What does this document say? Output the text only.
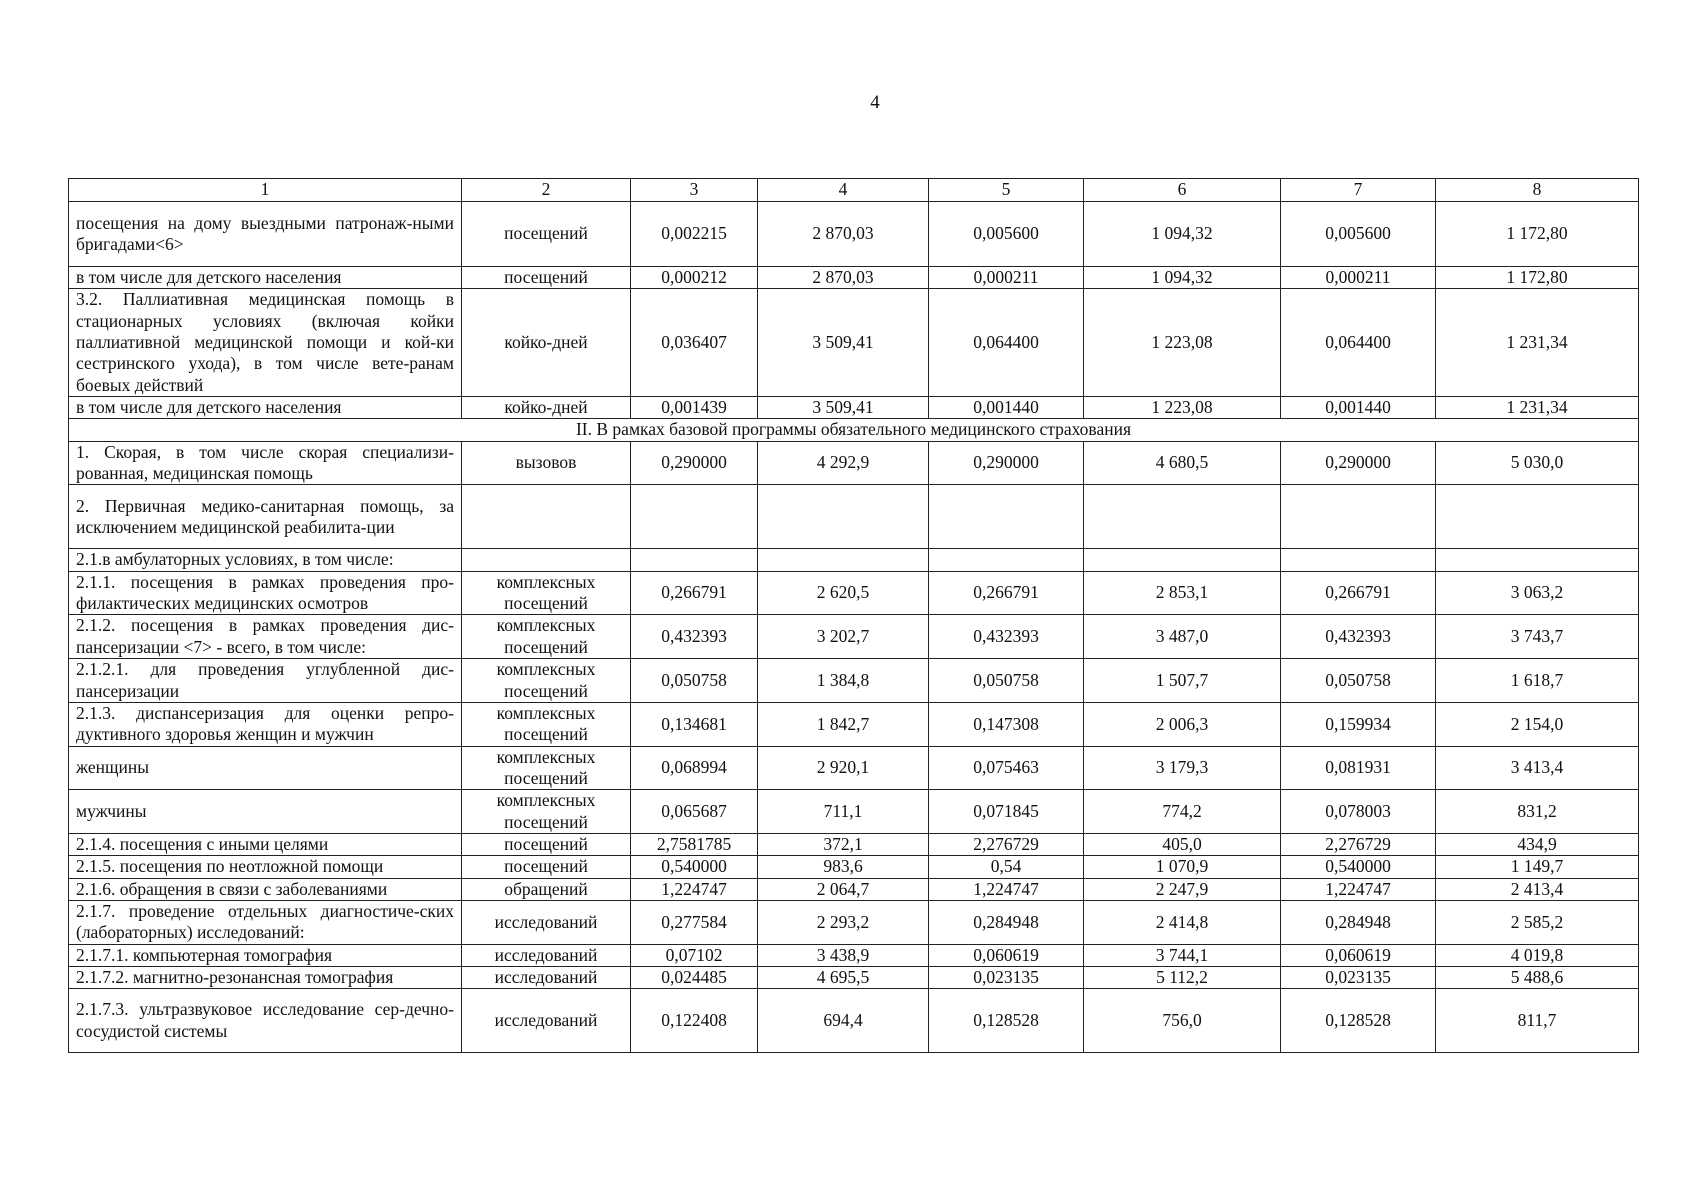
4
1	2	3	4	5	6	7	8
посещения на дому выездными патронаж-ными бригадами<6>	посещений	0,002215	2 870,03	0,005600	1 094,32	0,005600	1 172,80
в том числе для детского населения	посещений	0,000212	2 870,03	0,000211	1 094,32	0,000211	1 172,80
3.2. Паллиативная медицинская помощь в стационарных условиях (включая койки паллиативной медицинской помощи и кой-ки сестринского ухода), в том числе вете-ранам боевых действий	койко-дней	0,036407	3 509,41	0,064400	1 223,08	0,064400	1 231,34
в том числе для детского населения	койко-дней	0,001439	3 509,41	0,001440	1 223,08	0,001440	1 231,34
II. В рамках базовой программы обязательного медицинского страхования							
1. Скорая, в том числе скорая специализи-рованная, медицинская помощь	вызовов	0,290000	4 292,9	0,290000	4 680,5	0,290000	5 030,0
2. Первичная медико-санитарная помощь, за исключением медицинской реабилита-ции							
2.1.в амбулаторных условиях, в том числе:							
2.1.1. посещения в рамках проведения про-филактических медицинских осмотров	комплексных посещений	0,266791	2 620,5	0,266791	2 853,1	0,266791	3 063,2
2.1.2. посещения в рамках проведения дис-пансеризации <7> - всего, в том числе:	комплексных посещений	0,432393	3 202,7	0,432393	3 487,0	0,432393	3 743,7
2.1.2.1. для проведения углубленной дис-пансеризации	комплексных посещений	0,050758	1 384,8	0,050758	1 507,7	0,050758	1 618,7
2.1.3. диспансеризация для оценки репро-дуктивного здоровья женщин и мужчин	комплексных посещений	0,134681	1 842,7	0,147308	2 006,3	0,159934	2 154,0
женщины	комплексных посещений	0,068994	2 920,1	0,075463	3 179,3	0,081931	3 413,4
мужчины	комплексных посещений	0,065687	711,1	0,071845	774,2	0,078003	831,2
2.1.4. посещения с иными целями	посещений	2,7581785	372,1	2,276729	405,0	2,276729	434,9
2.1.5. посещения по неотложной помощи	посещений	0,540000	983,6	0,54	1 070,9	0,540000	1 149,7
2.1.6. обращения в связи с заболеваниями	обращений	1,224747	2 064,7	1,224747	2 247,9	1,224747	2 413,4
2.1.7. проведение отдельных диагностиче-ских (лабораторных) исследований:	исследований	0,277584	2 293,2	0,284948	2 414,8	0,284948	2 585,2
2.1.7.1. компьютерная томография	исследований	0,07102	3 438,9	0,060619	3 744,1	0,060619	4 019,8
2.1.7.2. магнитно-резонансная томография	исследований	0,024485	4 695,5	0,023135	5 112,2	0,023135	5 488,6
2.1.7.3. ультразвуковое исследование сер-дечно-сосудистой системы	исследований	0,122408	694,4	0,128528	756,0	0,128528	811,7
